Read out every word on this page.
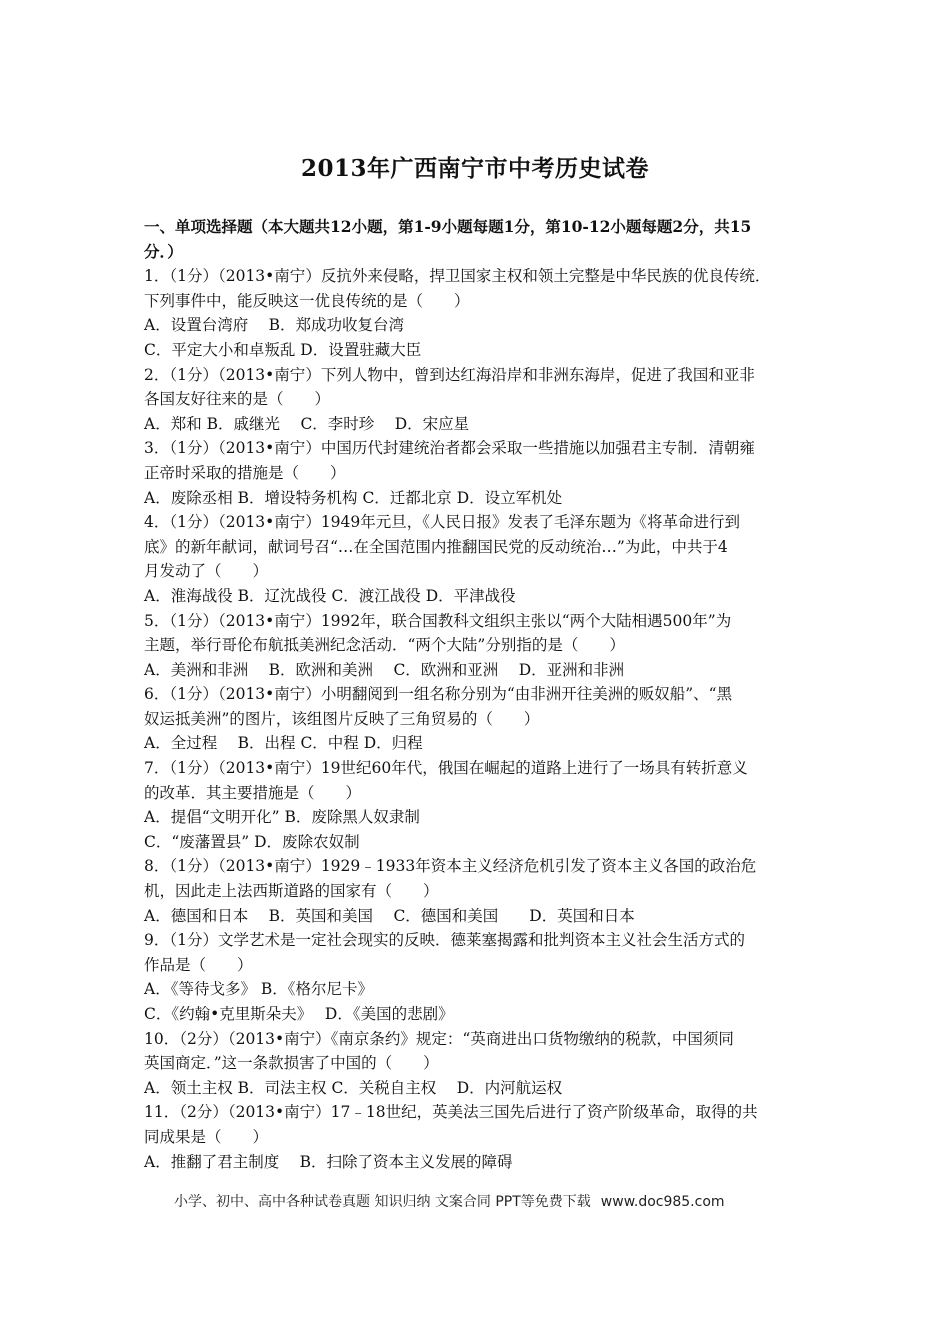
2013年广西南宁市中考历史试卷
一、单项选择题（本大题共12小题，第1-9小题每题1分，第10-12小题每题2分，共15
分．）
1．（1分）（2013•南宁）反抗外来侵略，捍卫国家主权和领土完整是中华民族的优良传统．
下列事件中，能反映这一优良传统的是（　　）
A．设置台湾府　 B．郑成功收复台湾
C．平定大小和卓叛乱 D．设置驻藏大臣
2．（1分）（2013•南宁）下列人物中，曾到达红海沿岸和非洲东海岸，促进了我国和亚非
各国友好往来的是（　　）
A．郑和 B．戚继光　 C．李时珍　 D．宋应星
3．（1分）（2013•南宁）中国历代封建统治者都会采取一些措施以加强君主专制．清朝雍
正帝时采取的措施是（　　）
A．废除丞相 B．增设特务机构 C．迁都北京 D．设立军机处
4．（1分）（2013•南宁）1949年元旦，《人民日报》发表了毛泽东题为《将革命进行到
底》的新年献词，献词号召“…在全国范围内推翻国民党的反动统治…”为此，中共于4
月发动了（　　）
A．淮海战役 B．辽沈战役 C．渡江战役 D．平津战役
5．（1分）（2013•南宁）1992年，联合国教科文组织主张以“两个大陆相遇500年”为
主题，举行哥伦布航抵美洲纪念活动．“两个大陆”分别指的是（　　）
A．美洲和非洲　 B．欧洲和美洲　 C．欧洲和亚洲　 D．亚洲和非洲
6．（1分）（2013•南宁）小明翻阅到一组名称分别为“由非洲开往美洲的贩奴船”、“黑
奴运抵美洲”的图片，该组图片反映了三角贸易的（　　）
A．全过程　 B．出程 C．中程 D．归程
7．（1分）（2013•南宁）19世纪60年代，俄国在崛起的道路上进行了一场具有转折意义
的改革．其主要措施是（　　）
A．提倡“文明开化” B．废除黑人奴隶制
C．“废藩置县” D．废除农奴制
8．（1分）（2013•南宁）1929﹣1933年资本主义经济危机引发了资本主义各国的政治危
机，因此走上法西斯道路的国家有（　　）
A．德国和日本　 B．英国和美国　 C．德国和美国　　D．英国和日本
9．（1分）文学艺术是一定社会现实的反映．德莱塞揭露和批判资本主义社会生活方式的
作品是（　　）
A．《等待戈多》 B．《格尔尼卡》
C．《约翰•克里斯朵夫》　 D．《美国的悲剧》
10．（2分）（2013•南宁）《南京条约》规定：“英商进出口货物缴纳的税款，中国须同
英国商定．”这一条款损害了中国的（　　）
A．领土主权 B．司法主权 C．关税自主权　 D．内河航运权
11．（2分）（2013•南宁）17﹣18世纪，英美法三国先后进行了资产阶级革命，取得的共
同成果是（　　）
A．推翻了君主制度　 B．扫除了资本主义发展的障碍
小学、初中、高中各种试卷真题 知识归纳 文案合同 PPT等免费下载 www.doc985.com
